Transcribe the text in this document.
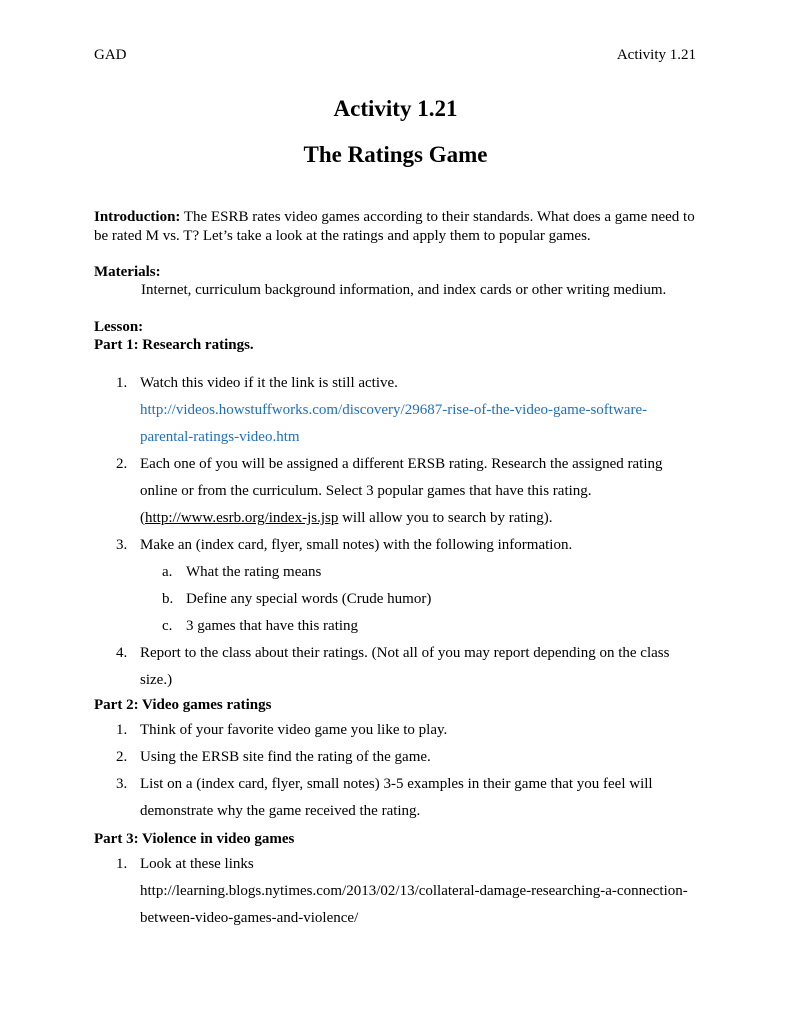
GAD	Activity 1.21
Activity 1.21
The Ratings Game
Introduction: The ESRB rates video games according to their standards. What does a game need to be rated M vs. T? Let’s take a look at the ratings and apply them to popular games.
Materials:
Internet, curriculum background information, and index cards or other writing medium.
Lesson:
Part 1: Research ratings.
1. Watch this video if it the link is still active.
http://videos.howstuffworks.com/discovery/29687-rise-of-the-video-game-software-parental-ratings-video.htm
2. Each one of you will be assigned a different ERSB rating. Research the assigned rating online or from the curriculum. Select 3 popular games that have this rating. (http://www.esrb.org/index-js.jsp will allow you to search by rating).
3. Make an (index card, flyer, small notes) with the following information.
a. What the rating means
b. Define any special words (Crude humor)
c. 3 games that have this rating
4. Report to the class about their ratings. (Not all of you may report depending on the class size.)
Part 2: Video games ratings
1. Think of your favorite video game you like to play.
2. Using the ERSB site find the rating of the game.
3. List on a (index card, flyer, small notes) 3-5 examples in their game that you feel will demonstrate why the game received the rating.
Part 3: Violence in video games
1. Look at these links
http://learning.blogs.nytimes.com/2013/02/13/collateral-damage-researching-a-connection-between-video-games-and-violence/
